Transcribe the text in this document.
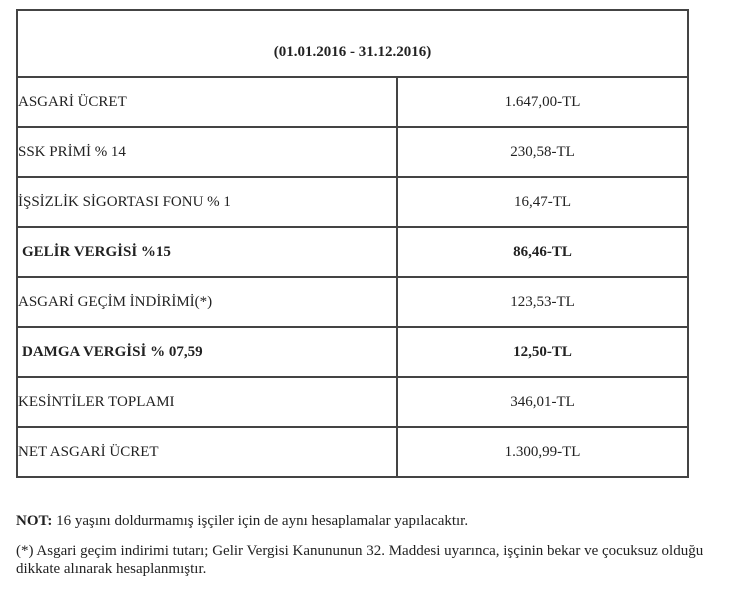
(01.01.2016 - 31.12.2016)	
ASGARİ ÜCRET	1.647,00-TL
SSK PRİMİ % 14	230,58-TL
İŞSİZLİK SİGORTASI FONU % 1	16,47-TL
GELİR VERGİSİ %15	86,46-TL
ASGARİ GEÇİM İNDİRİMİ(*)	123,53-TL
DAMGA VERGİSİ % 07,59	12,50-TL
KESİNTİLER TOPLAMI	346,01-TL
NET ASGARİ ÜCRET	1.300,99-TL

NOT: 16 yaşını doldurmamış işçiler için de aynı hesaplamalar yapılacaktır.

(*) Asgari geçim indirimi tutarı; Gelir Vergisi Kanununun 32. Maddesi uyarınca, işçinin bekar ve çocuksuz olduğu dikkate alınarak hesaplanmıştır.
